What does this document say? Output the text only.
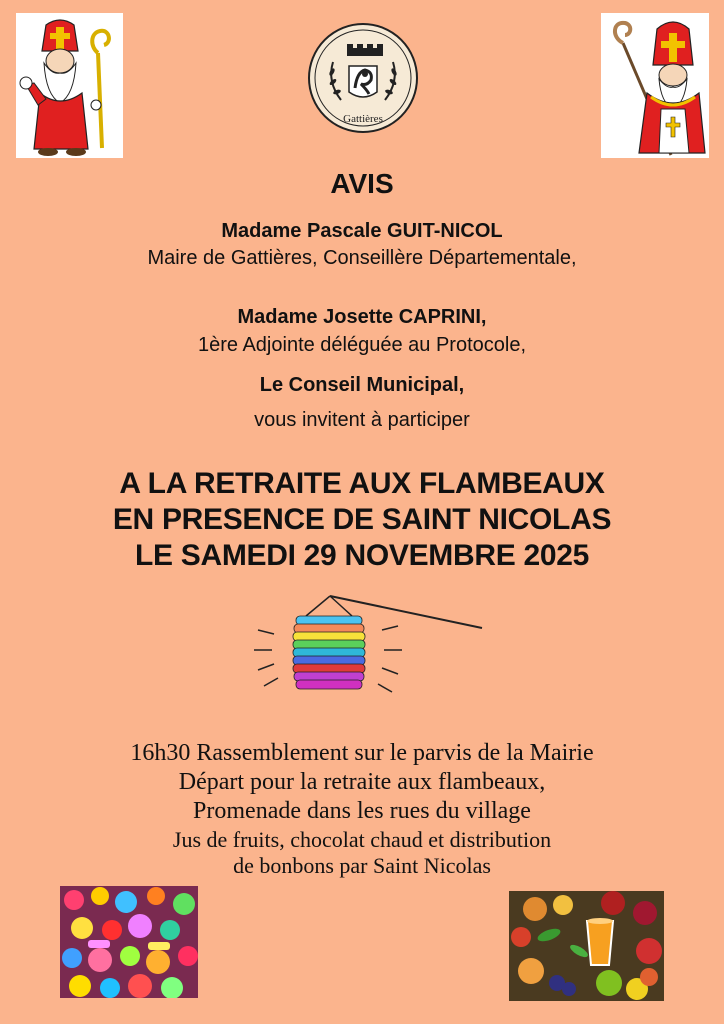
Gattières
AVIS
Madame Pascale GUIT-NICOL
Maire de Gattières, Conseillère Départementale,
Madame Josette CAPRINI,
1ère Adjointe déléguée au Protocole,
Le Conseil Municipal,
vous invitent à participer
A LA RETRAITE AUX FLAMBEAUX
EN PRESENCE DE SAINT NICOLAS
LE SAMEDI 29 NOVEMBRE 2025
16h30 Rassemblement sur le parvis de la Mairie
Départ pour la retraite aux flambeaux,
Promenade dans les rues du village
Jus de fruits, chocolat chaud et distribution
de bonbons par Saint Nicolas
